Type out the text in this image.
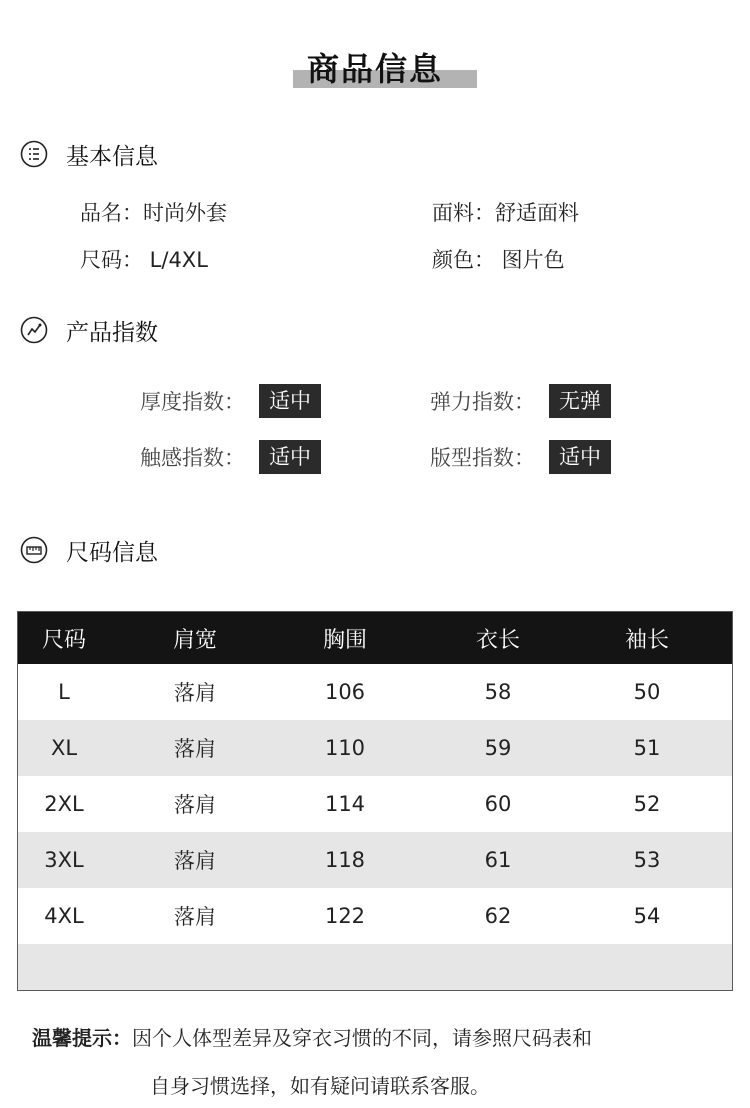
商品信息
基本信息
品名：时尚外套	面料：舒适面料
尺码： L/4XL	颜色： 图片色
产品指数
厚度指数：	适中	弹力指数：	无弹
触感指数：	适中	版型指数：	适中
尺码信息
尺码	肩宽	胸围	衣长	袖长
L	落肩	106	58	50
XL	落肩	110	59	51
2XL	落肩	114	60	52
3XL	落肩	118	61	53
4XL	落肩	122	62	54
温馨提示：因个人体型差异及穿衣习惯的不同，请参照尺码表和
自身习惯选择，如有疑问请联系客服。
